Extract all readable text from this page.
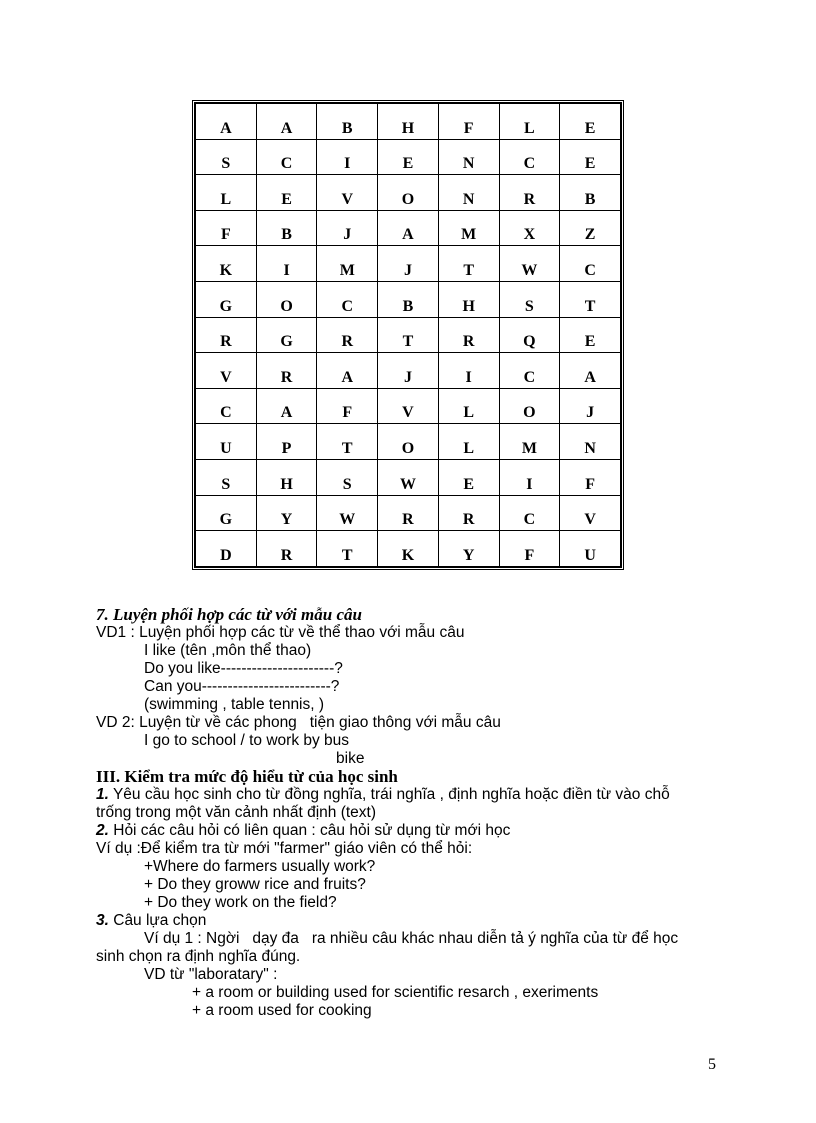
A	A	B	H	F	L	E
S	C	I	E	N	C	E
L	E	V	O	N	R	B
F	B	J	A	M	X	Z
K	I	M	J	T	W	C
G	O	C	B	H	S	T
R	G	R	T	R	Q	E
V	R	A	J	I	C	A
C	A	F	V	L	O	J
U	P	T	O	L	M	N
S	H	S	W	E	I	F
G	Y	W	R	R	C	V
D	R	T	K	Y	F	U
7. Luyện phối hợp các từ với mẫu câu
VD1 : Luyện phối hợp các từ về thể thao với mẫu câu
I like (tên ,môn thể thao)
Do you like----------------------?
Can you-------------------------?
(swimming , table tennis, )
VD 2: Luyện từ về các phong   tiện giao thông với mẫu câu
I go to school / to work by bus
bike
III. Kiểm tra mức độ hiểu từ của học sinh
1. Yêu cầu học sinh cho từ đồng nghĩa, trái nghĩa , định nghĩa hoặc điền từ vào chỗ
trống trong một văn cảnh nhất định (text)
2. Hỏi các câu hỏi có liên quan : câu hỏi sử dụng từ mới học
Ví dụ :Để kiểm tra từ mới "farmer" giáo viên có thể hỏi:
+Where do farmers usually work?
+ Do they groww rice and fruits?
+ Do they work on the field?
3. Câu lựa chọn
Ví dụ 1 : Ngời   dạy đa   ra nhiều câu khác nhau diễn tả ý nghĩa của từ để học
sinh chọn ra định nghĩa đúng.
VD từ "laboratary" :
+ a room or building used for scientific resarch , exeriments
+ a room used for cooking
5
